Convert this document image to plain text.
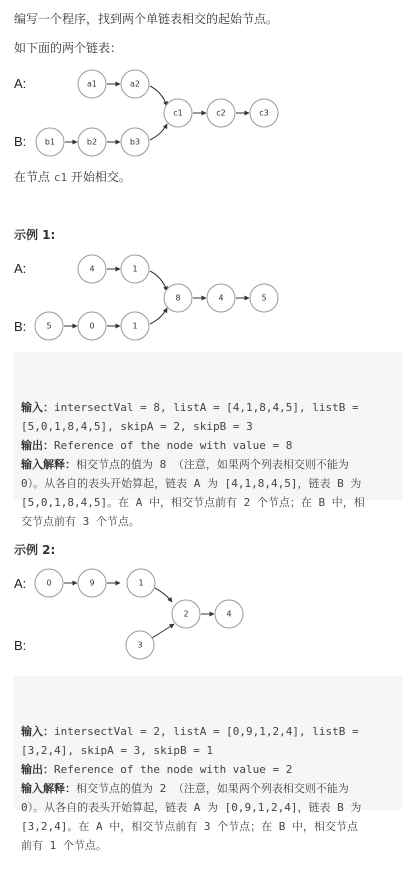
编写一个程序，找到两个单链表相交的起始节点。
如下面的两个链表：
A:
B:
a1	a2
b1	b2	b3
c1	c2	c3
在节点 c1 开始相交。
示例 1:
A:
B:
4	1
5	0	1
8	4	5

输入：intersectVal = 8, listA = [4,1,8,4,5], listB =
[5,0,1,8,4,5], skipA = 2, skipB = 3
输出：Reference of the node with value = 8
输入解释：相交节点的值为 8 （注意，如果两个列表相交则不能为
0）。从各自的表头开始算起，链表 A 为 [4,1,8,4,5]，链表 B 为
[5,0,1,8,4,5]。在 A 中，相交节点前有 2 个节点；在 B 中，相
交节点前有 3 个节点。

示例 2:
A:
B:
0	9	1
3
2	4

输入：intersectVal = 2, listA = [0,9,1,2,4], listB =
[3,2,4], skipA = 3, skipB = 1
输出：Reference of the node with value = 2
输入解释：相交节点的值为 2 （注意，如果两个列表相交则不能为
0）。从各自的表头开始算起，链表 A 为 [0,9,1,2,4]，链表 B 为
[3,2,4]。在 A 中，相交节点前有 3 个节点；在 B 中，相交节点
前有 1 个节点。
